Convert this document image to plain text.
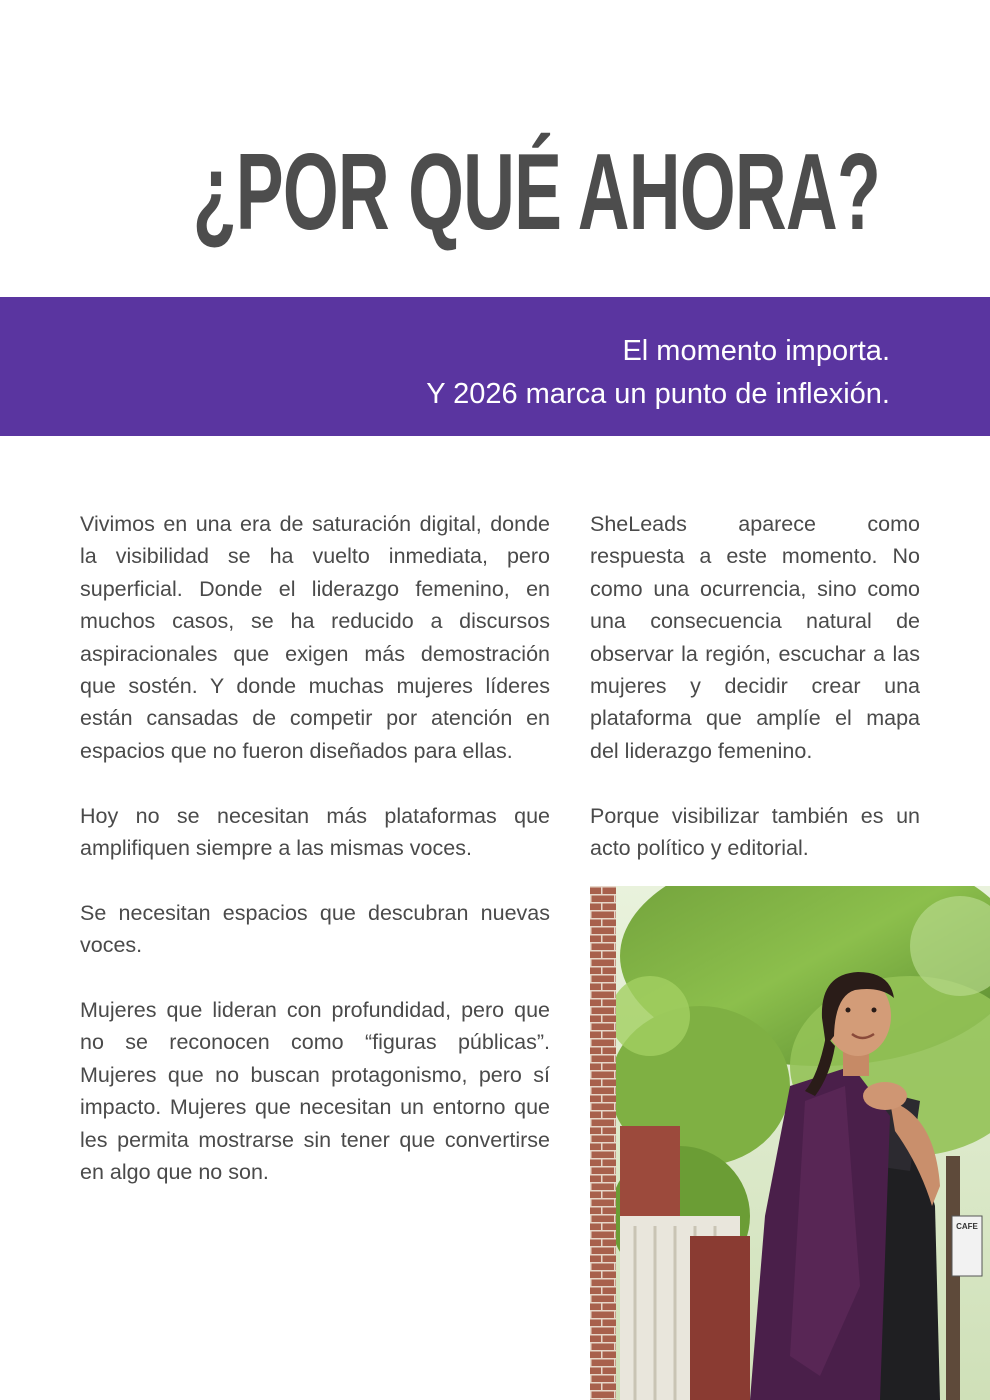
¿POR QUÉ AHORA?
El momento importa.
Y 2026 marca un punto de inflexión.

Vivimos en una era de saturación digital, donde la visibilidad se ha vuelto inmediata, pero superficial. Donde el liderazgo femenino, en muchos casos, se ha reducido a discursos aspiracionales que exigen más demostración que sostén. Y donde muchas mujeres líderes están cansadas de competir por atención en espacios que no fueron diseñados para ellas.

Hoy no se necesitan más plataformas que amplifiquen siempre a las mismas voces.

Se necesitan espacios que descubran nuevas voces.

Mujeres que lideran con profundidad, pero que no se reconocen como “figuras públicas”. Mujeres que no buscan protagonismo, pero sí impacto. Mujeres que necesitan un entorno que les permita mostrarse sin tener que convertirse en algo que no son.

SheLeads aparece como respuesta a este momento. No como una ocurrencia, sino como una consecuencia natural de observar la región, escuchar a las mujeres y decidir crear una plataforma que amplíe el mapa del liderazgo femenino.

Porque visibilizar también es un acto político y editorial.

CAFE
